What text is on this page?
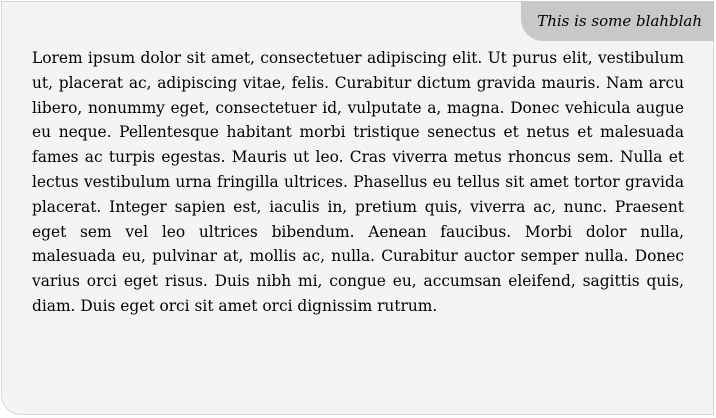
This is some blahblah

Lorem ipsum dolor sit amet, consectetuer adipiscing elit. Ut purus elit, vestibulum ut, placerat ac, adipiscing vitae, felis. Curabitur dictum gravida mauris. Nam arcu libero, nonummy eget, consectetuer id, vulputate a, magna. Donec vehicula augue eu neque. Pellentesque habitant morbi tristique senectus et netus et malesuada fames ac turpis egestas. Mauris ut leo. Cras viverra metus rhoncus sem. Nulla et lectus vestibulum urna fringilla ultrices. Phasellus eu tellus sit amet tortor gravida placerat. Integer sapien est, iaculis in, pretium quis, viverra ac, nunc. Praesent eget sem vel leo ultrices bibendum. Aenean faucibus. Morbi dolor nulla, malesuada eu, pulvinar at, mollis ac, nulla. Curabitur auctor semper nulla. Donec varius orci eget risus. Duis nibh mi, congue eu, accumsan eleifend, sagittis quis, diam. Duis eget orci sit amet orci dignissim rutrum.
